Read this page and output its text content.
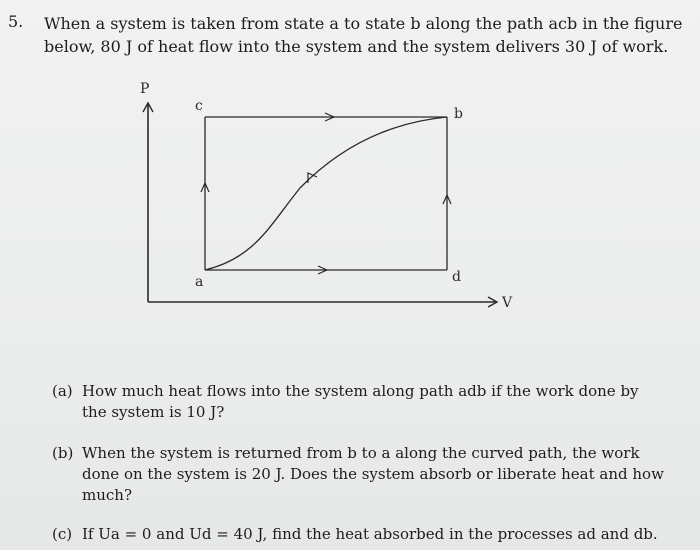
5. When a system is taken from state a to state b along the path acb in the figure
below, 80 J of heat flow into the system and the system delivers 30 J of work.
P
V
a
b
c
d
(a) How much heat flows into the system along path adb if the work done by
the system is 10 J?
(b) When the system is returned from b to a along the curved path, the work
done on the system is 20 J. Does the system absorb or liberate heat and how
much?
(c) If Ua = 0 and Ud = 40 J, find the heat absorbed in the processes ad and db.
